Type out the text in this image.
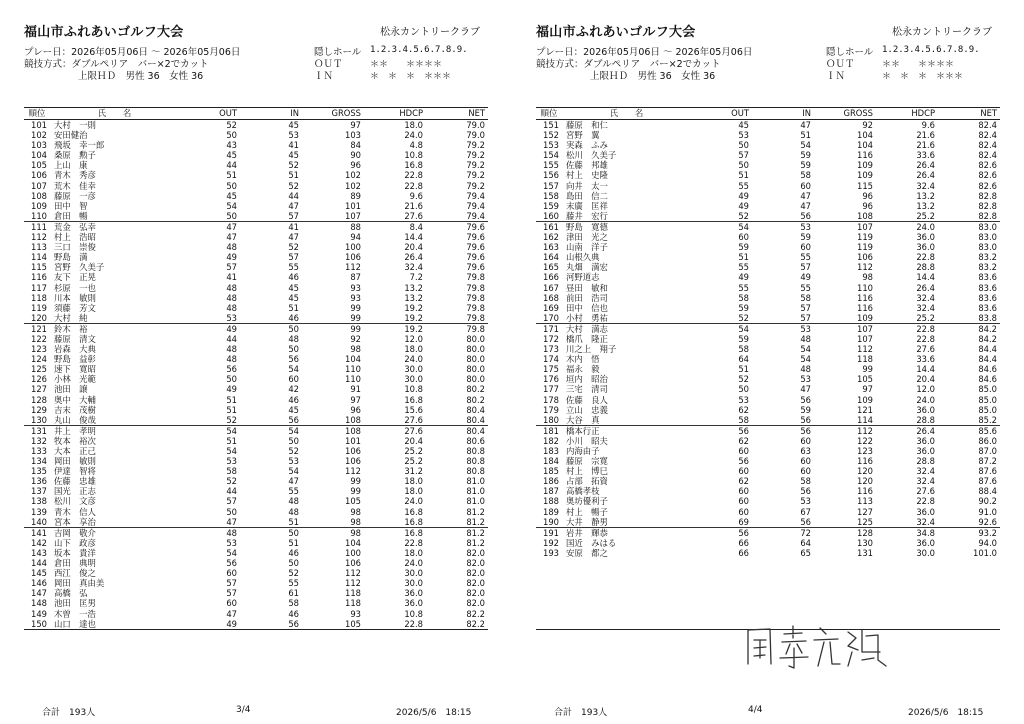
福山市ふれあいゴルフ大会	松永カントリークラブ
プレー日：2026年05月06日 ～ 2026年05月06日
競技方式：ダブルペリア　バー×2でカット
上限ＨＤ　男性 36　女性 36
隠しホール 1.2.3.4.5.6.7.8.9.
ＯＵＴ	＊＊　　＊＊＊＊
ＩＮ	＊　＊　＊　＊＊＊
順位	氏　　名	OUT	IN	GROSS	HDCP	NET
101	大村　一則	52	45	97	18.0	79.0
102	安田健治	50	53	103	24.0	79.0
103	飛坂　幸一郎	43	41	84	4.8	79.2
104	桑原　勲子	45	45	90	10.8	79.2
105	上山　康	44	52	96	16.8	79.2
106	青木　秀彦	51	51	102	22.8	79.2
107	荒木　佳幸	50	52	102	22.8	79.2
108	藤原　一彦	45	44	89	9.6	79.4
109	田中　智	54	47	101	21.6	79.4
110	倉田　暢	50	57	107	27.6	79.4
111	荒金　弘幸	47	41	88	8.4	79.6
112	村上　浩昭	47	47	94	14.4	79.6
113	三口　崇俊	48	52	100	20.4	79.6
114	野島　満	49	57	106	26.4	79.6
115	宮野　久美子	57	55	112	32.4	79.6
116	友下　正晃	41	46	87	7.2	79.8
117	杉原　一也	48	45	93	13.2	79.8
118	川本　敏則	48	45	93	13.2	79.8
119	須藤　芳文	48	51	99	19.2	79.8
120	大村　純	53	46	99	19.2	79.8
121	鈴木　裕	49	50	99	19.2	79.8
122	藤原　清文	44	48	92	12.0	80.0
123	岩森　大典	48	50	98	18.0	80.0
124	野島　益彰	48	56	104	24.0	80.0
125	速下　寛昭	56	54	110	30.0	80.0
126	小林　光範	50	60	110	30.0	80.0
127	池田　譲	49	42	91	10.8	80.2
128	奥中　大輔	51	46	97	16.8	80.2
129	吉末　茂樹	51	45	96	15.6	80.4
130	丸山　俊哉	52	56	108	27.6	80.4
131	井上　孝明	54	54	108	27.6	80.4
132	牧本　裕次	51	50	101	20.4	80.6
133	大本　正己	54	52	106	25.2	80.8
134	岡田　敏則	53	53	106	25.2	80.8
135	伊達　智将	58	54	112	31.2	80.8
136	佐藤　忠雄	52	47	99	18.0	81.0
137	国光　正志	44	55	99	18.0	81.0
138	松川　文彦	57	48	105	24.0	81.0
139	青木　信人	50	48	98	16.8	81.2
140	宮本　享治	47	51	98	16.8	81.2
141	吉岡　敬介	48	50	98	16.8	81.2
142	山下　政彦	53	51	104	22.8	81.2
143	坂本　貴洋	54	46	100	18.0	82.0
144	倉田　典明	56	50	106	24.0	82.0
145	西江　俊之	60	52	112	30.0	82.0
146	岡田　真由美	57	55	112	30.0	82.0
147	高橋　弘	57	61	118	36.0	82.0
148	池田　匡男	60	58	118	36.0	82.0
149	木曽　一浩	47	46	93	10.8	82.2
150	山口　達也	49	56	105	22.8	82.2
合計　193人	3/4	2026/5/6　18:15
福山市ふれあいゴルフ大会	松永カントリークラブ
プレー日：2026年05月06日 ～ 2026年05月06日
競技方式：ダブルペリア　バー×2でカット
上限ＨＤ　男性 36　女性 36
隠しホール 1.2.3.4.5.6.7.8.9.
ＯＵＴ	＊＊　　＊＊＊＊
ＩＮ	＊　＊　＊　＊＊＊
順位	氏　　名	OUT	IN	GROSS	HDCP	NET
151	藤原　和仁	45	47	92	9.6	82.4
152	宮野　翼	53	51	104	21.6	82.4
153	実森　ふみ	50	54	104	21.6	82.4
154	松川　久美子	57	59	116	33.6	82.4
155	佐藤　邦雄	50	59	109	26.4	82.6
156	村上　史隆	51	58	109	26.4	82.6
157	向井　太一	55	60	115	32.4	82.6
158	島田　信二	49	47	96	13.2	82.8
159	末廣　匡祥	49	47	96	13.2	82.8
160	藤井　宏行	52	56	108	25.2	82.8
161	野島　寛德	54	53	107	24.0	83.0
162	津田　光之	60	59	119	36.0	83.0
163	山南　洋子	59	60	119	36.0	83.0
164	山根久典	51	55	106	22.8	83.2
165	丸畑　満宏	55	57	112	28.8	83.2
166	河野道志	49	49	98	14.4	83.6
167	昼田　敏和	55	55	110	26.4	83.6
168	前田　浩司	58	58	116	32.4	83.6
169	田中　信也	59	57	116	32.4	83.6
170	小村　勇祐	52	57	109	25.2	83.8
171	大村　満志	54	53	107	22.8	84.2
172	橋爪　隆正	59	48	107	22.8	84.2
173	川之上　翔子	58	54	112	27.6	84.4
174	木内　悟	64	54	118	33.6	84.4
175	福永　毅	51	48	99	14.4	84.6
176	垣内　昭治	52	53	105	20.4	84.6
177	三宅　清司	50	47	97	12.0	85.0
178	佐藤　良人	53	56	109	24.0	85.0
179	立山　忠義	62	59	121	36.0	85.0
180	大谷　真	58	56	114	28.8	85.2
181	橋本行正	56	56	112	26.4	85.6
182	小川　昭夫	62	60	122	36.0	86.0
183	内海由子	60	63	123	36.0	87.0
184	藤原　宗寛	56	60	116	28.8	87.2
185	村上　博巳	60	60	120	32.4	87.6
186	占部　拓資	62	58	120	32.4	87.6
187	高橋孝枝	60	56	116	27.6	88.4
188	奥坊優利子	60	53	113	22.8	90.2
189	村上　暢子	60	67	127	36.0	91.0
190	大井　静男	69	56	125	32.4	92.6
191	岩井　輝恭	56	72	128	34.8	93.2
192	国近　みはる	66	64	130	36.0	94.0
193	安原　都之	66	65	131	30.0	101.0

合計　193人	4/4	2026/5/6　18:15
